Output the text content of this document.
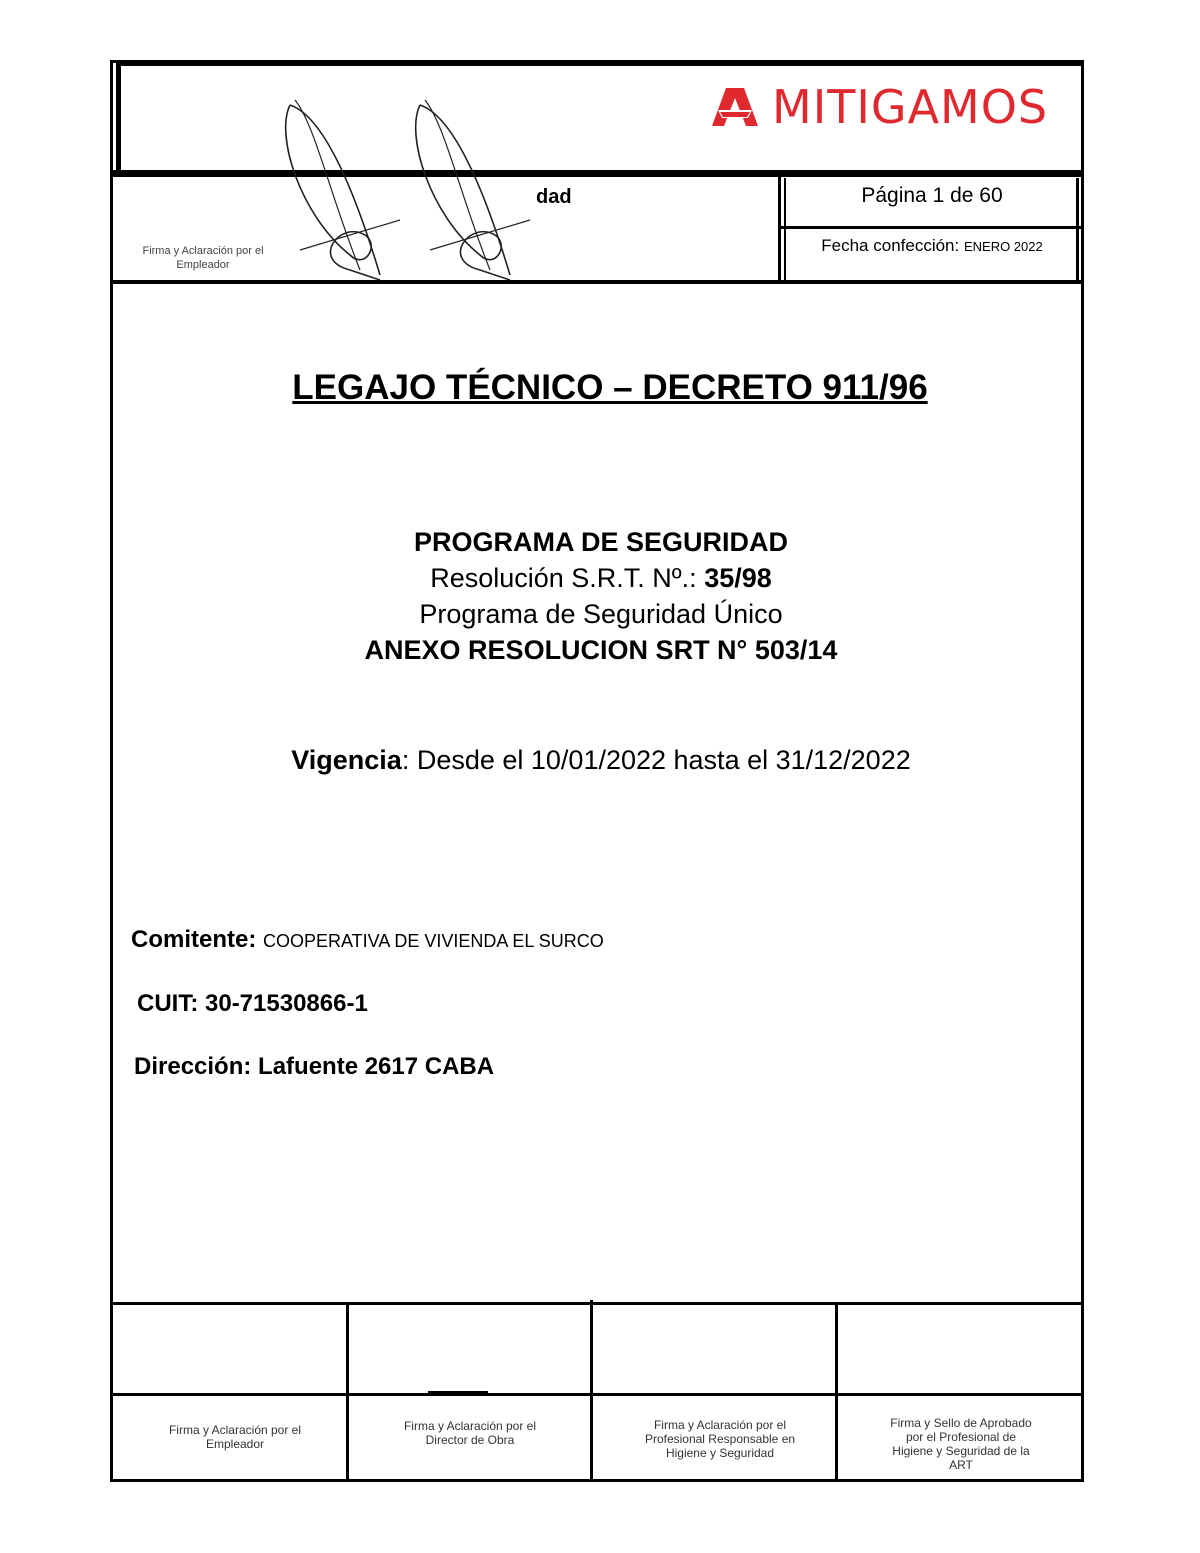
MITIGAMOS
dad
Firma y Aclaración por el
Empleador
Página 1 de 60
Fecha confección: ENERO 2022
LEGAJO TÉCNICO – DECRETO 911/96
PROGRAMA DE SEGURIDAD
Resolución S.R.T. Nº.: 35/98
Programa de Seguridad Único
ANEXO RESOLUCION SRT N° 503/14
Vigencia: Desde el 10/01/2022 hasta el 31/12/2022
Comitente: COOPERATIVA DE VIVIENDA EL SURCO
CUIT: 30-71530866-1
Dirección: Lafuente 2617 CABA
Firma y Aclaración por el
Empleador
Firma y Aclaración por el
Director de Obra
Firma y Aclaración por el
Profesional Responsable en
Higiene y Seguridad
Firma y Sello de Aprobado
por el Profesional de
Higiene y Seguridad de la
ART
